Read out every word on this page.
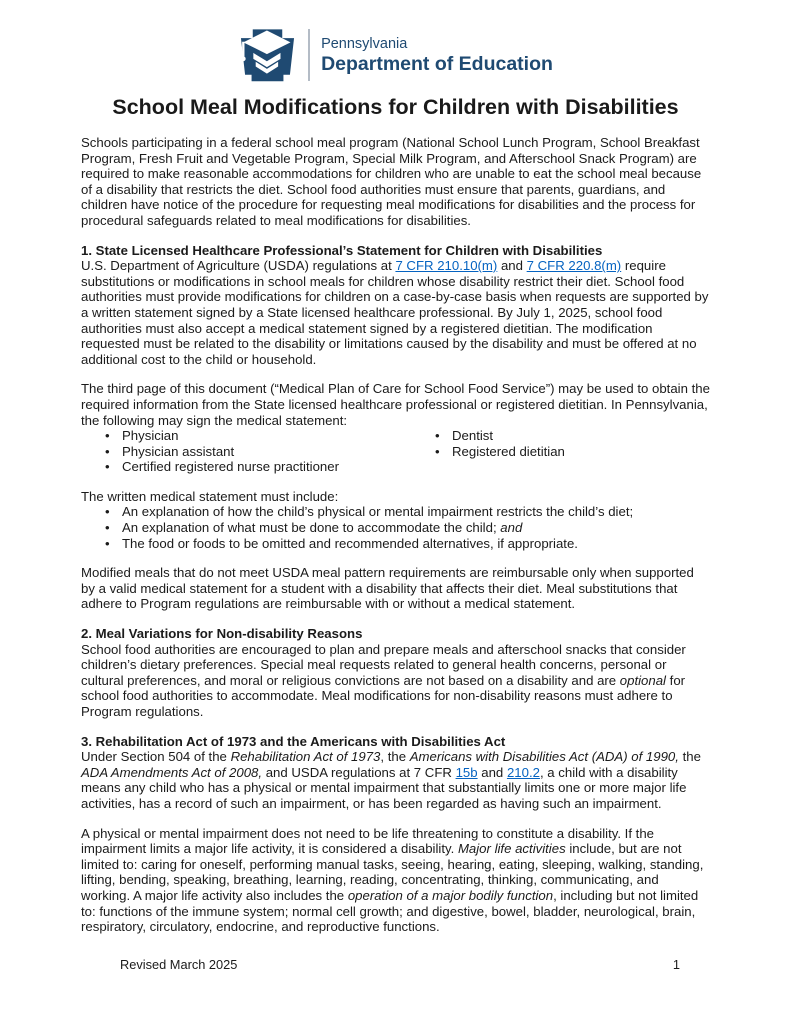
Pennsylvania
Department of Education
School Meal Modifications for Children with Disabilities

Schools participating in a federal school meal program (National School Lunch Program, School Breakfast Program, Fresh Fruit and Vegetable Program, Special Milk Program, and Afterschool Snack Program) are required to make reasonable accommodations for children who are unable to eat the school meal because of a disability that restricts the diet. School food authorities must ensure that parents, guardians, and children have notice of the procedure for requesting meal modifications for disabilities and the process for procedural safeguards related to meal modifications for disabilities.

1. State Licensed Healthcare Professional’s Statement for Children with Disabilities

U.S. Department of Agriculture (USDA) regulations at 7 CFR 210.10(m) and 7 CFR 220.8(m) require substitutions or modifications in school meals for children whose disability restrict their diet. School food authorities must provide modifications for children on a case-by-case basis when requests are supported by a written statement signed by a State licensed healthcare professional. By July 1, 2025, school food authorities must also accept a medical statement signed by a registered dietitian. The modification requested must be related to the disability or limitations caused by the disability and must be offered at no additional cost to the child or household.

The third page of this document (“Medical Plan of Care for School Food Service”) may be used to obtain the required information from the State licensed healthcare professional or registered dietitian. In Pennsylvania, the following may sign the medical statement:

• Physician
• Physician assistant
• Certified registered nurse practitioner
• Dentist
• Registered dietitian

The written medical statement must include:

• An explanation of how the child’s physical or mental impairment restricts the child’s diet;
• An explanation of what must be done to accommodate the child; and
• The food or foods to be omitted and recommended alternatives, if appropriate.

Modified meals that do not meet USDA meal pattern requirements are reimbursable only when supported by a valid medical statement for a student with a disability that affects their diet. Meal substitutions that adhere to Program regulations are reimbursable with or without a medical statement.

2. Meal Variations for Non-disability Reasons

School food authorities are encouraged to plan and prepare meals and afterschool snacks that consider children’s dietary preferences. Special meal requests related to general health concerns, personal or cultural preferences, and moral or religious convictions are not based on a disability and are optional for school food authorities to accommodate. Meal modifications for non-disability reasons must adhere to Program regulations.

3. Rehabilitation Act of 1973 and the Americans with Disabilities Act

Under Section 504 of the Rehabilitation Act of 1973, the Americans with Disabilities Act (ADA) of 1990, the ADA Amendments Act of 2008, and USDA regulations at 7 CFR 15b and 210.2, a child with a disability means any child who has a physical or mental impairment that substantially limits one or more major life activities, has a record of such an impairment, or has been regarded as having such an impairment.

A physical or mental impairment does not need to be life threatening to constitute a disability. If the impairment limits a major life activity, it is considered a disability. Major life activities include, but are not limited to: caring for oneself, performing manual tasks, seeing, hearing, eating, sleeping, walking, standing, lifting, bending, speaking, breathing, learning, reading, concentrating, thinking, communicating, and working. A major life activity also includes the operation of a major bodily function, including but not limited to: functions of the immune system; normal cell growth; and digestive, bowel, bladder, neurological, brain, respiratory, circulatory, endocrine, and reproductive functions.

Revised March 2025	1
